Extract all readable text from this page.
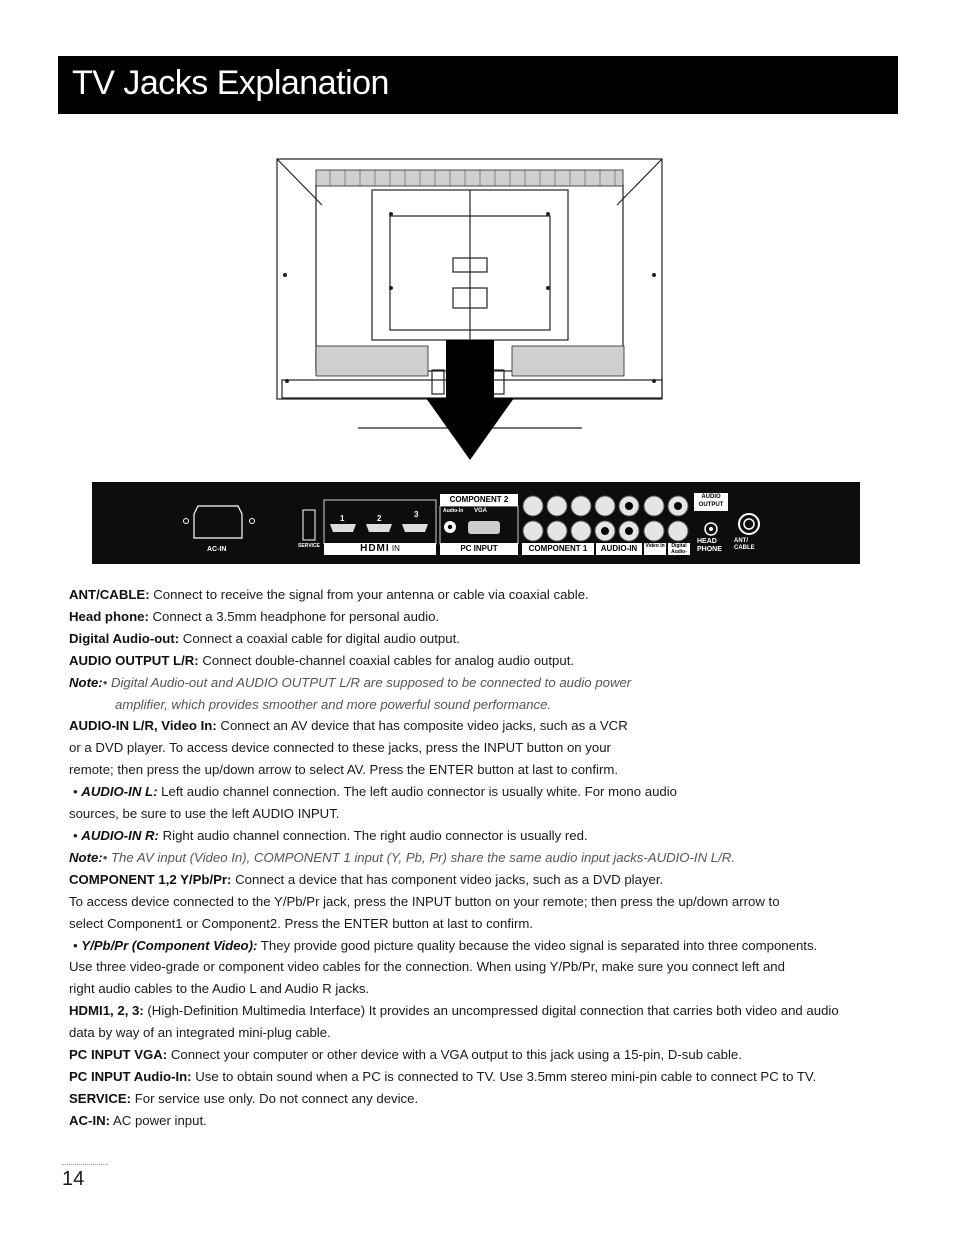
TV Jacks Explanation
AC-IN	SERVICE
1	2	3
HDMI IN
Audio-In VGA
PC INPUT
COMPONENT 2
COMPONENT 1	AUDIO-IN	Video In	Digital Audio-out
AUDIO OUTPUT
HEAD PHONE
ANT/ CABLE

ANT/CABLE: Connect to receive the signal from your antenna or cable via coaxial cable.

Head phone: Connect a 3.5mm headphone for personal audio.

Digital Audio-out: Connect a coaxial cable for digital audio output.

AUDIO OUTPUT L/R: Connect double-channel coaxial cables for analog audio output.

Note:• Digital Audio-out and AUDIO OUTPUT L/R are supposed to be connected to audio power

amplifier, which provides smoother and more powerful sound performance.

AUDIO-IN L/R, Video In: Connect an AV device that has composite video jacks, such as a VCR

or a DVD player. To access device connected to these jacks, press the INPUT button on your

remote; then press the up/down arrow to select AV. Press the ENTER button at last to confirm.

• AUDIO-IN L: Left audio channel connection. The left audio connector is usually white. For mono audio

sources, be sure to use the left AUDIO INPUT.

• AUDIO-IN R: Right audio channel connection. The right audio connector is usually red.

Note:• The AV input (Video In), COMPONENT 1 input (Y, Pb, Pr) share the same audio input jacks-AUDIO-IN L/R.

COMPONENT 1,2 Y/Pb/Pr: Connect a device that has component video jacks, such as a DVD player.

To access device connected to the Y/Pb/Pr jack, press the INPUT button on your remote; then press the up/down arrow to

select Component1 or Component2. Press the ENTER button at last to confirm.

• Y/Pb/Pr (Component Video): They provide good picture quality because the video signal is separated into three components.

Use three video-grade or component video cables for the connection. When using Y/Pb/Pr, make sure you connect left and

right audio cables to the Audio L and Audio R jacks.

HDMI1, 2, 3: (High-Definition Multimedia Interface) It provides an uncompressed digital connection that carries both video and audio

data by way of an integrated mini-plug cable.

PC INPUT VGA: Connect your computer or other device with a VGA output to this jack using a 15-pin, D-sub cable.

PC INPUT Audio-In: Use to obtain sound when a PC is connected to TV. Use 3.5mm stereo mini-pin cable to connect PC to TV.

SERVICE: For service use only. Do not connect any device.

AC-IN: AC power input.

14
